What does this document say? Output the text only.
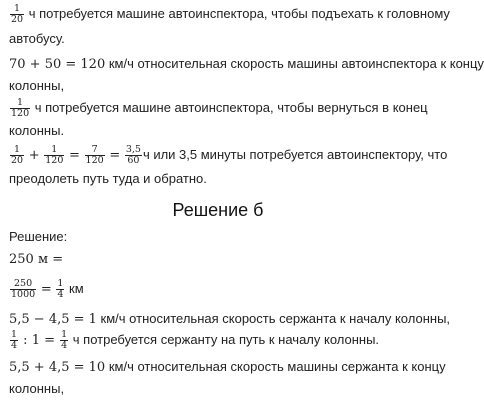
$\frac{1}{20}$ ч потребуется машине автоинспектора, чтобы подъехать к головному
автобусу.
70 + 50 = 120 км/ч относительная скорость машины автоинспектора к концу
колонны,
$\frac{1}{120}$ ч потребуется машине автоинспектора, чтобы вернуться в конец
колонны.
$\frac{1}{20} + \frac{1}{120} = \frac{7}{120} = \frac{3,5}{60}$ ч или 3,5 минуты потребуется автоинспектору, что
преодолеть путь туда и обратно.
Решение б
Решение:
250 м =
$\frac{250}{1000} = \frac{1}{4}$ км
5,5 − 4,5 = 1 км/ч относительная скорость сержанта к началу колонны,
$\frac{1}{4}$ : $1 = \frac{1}{4}$ ч потребуется сержанту на путь к началу колонны.
5,5 + 4,5 = 10 км/ч относительная скорость машины сержанта к концу
колонны,
